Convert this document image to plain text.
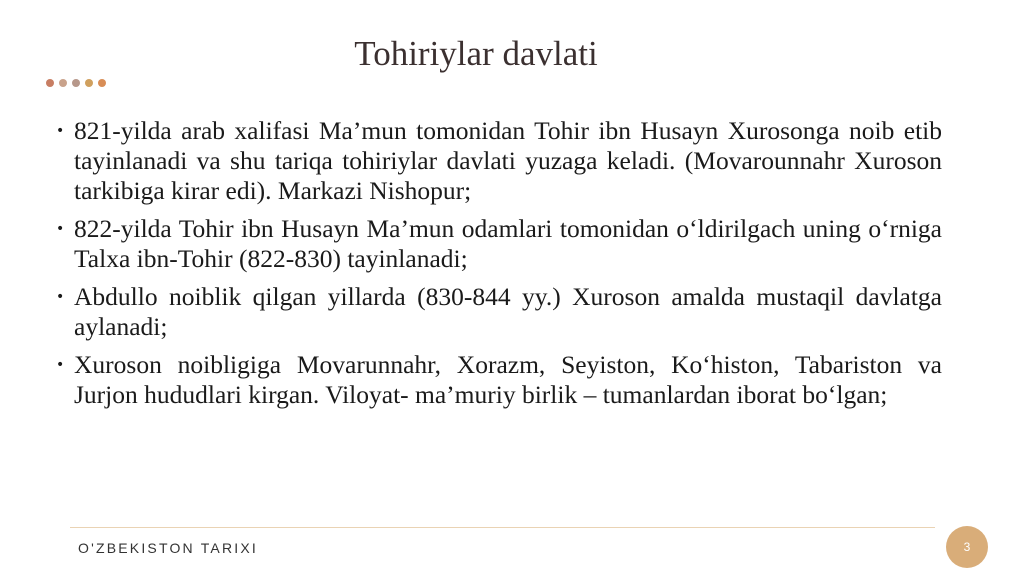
Tohiriylar davlati
• 821-yilda arab xalifasi Ma’mun tomonidan Tohir ibn Husayn Xurosonga noib etib tayinlanadi va shu tariqa tohiriylar davlati yuzaga keladi. (Movarounnahr Xuroson tarkibiga kirar edi). Markazi Nishopur;
• 822-yilda Tohir ibn Husayn Ma’mun odamlari tomonidan o‘ldirilgach uning o‘rniga Talxa ibn-Tohir (822-830) tayinlanadi;
• Abdullo noiblik qilgan yillarda (830-844 yy.) Xuroson amalda mustaqil davlatga aylanadi;
• Xuroson noibligiga Movarunnahr, Xorazm, Seyiston, Ko‘histon, Tabariston va Jurjon hududlari kirgan. Viloyat- ma’muriy birlik – tumanlardan iborat bo‘lgan;
O'ZBEKISTON TARIXI	3
